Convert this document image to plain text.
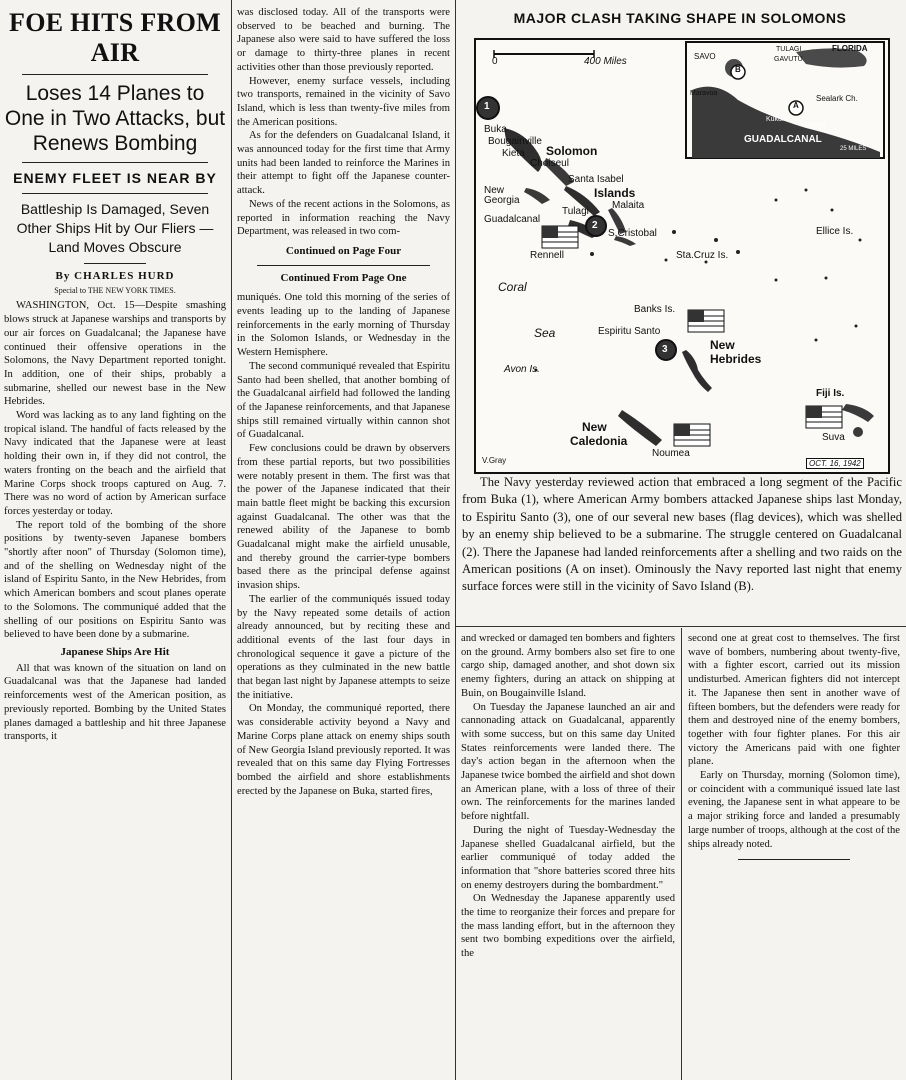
FOE HITS FROM AIR
Loses 14 Planes to One in Two Attacks, but Renews Bombing
ENEMY FLEET IS NEAR BY
Battleship Is Damaged, Seven Other Ships Hit by Our Fliers —Land Moves Obscure
By CHARLES HURD
Special to THE NEW YORK TIMES.

WASHINGTON, Oct. 15—Despite smashing blows struck at Japanese warships and transports by our air forces on Guadalcanal; the Japanese have continued their offensive operations in the Solomons, the Navy Department reported tonight. In addition, one of their ships, probably a submarine, shelled our newest base in the New Hebrides.

Word was lacking as to any land fighting on the tropical island. The handful of facts released by the Navy indicated that the Japanese were at least holding their own in, if they did not control, the waters fronting on the beach and the airfield that Marine Corps shock troops captured on Aug. 7. There was no word of action by American surface forces yesterday or today.

The report told of the bombing of the shore positions by twenty-seven Japanese bombers "shortly after noon" of Thursday (Solomon time), and of the shelling on Wednesday night of the island of Espiritu Santo, in the New Hebrides, from which American bombers and scout planes operate to the Solomons. The communiqué added that the shelling of our positions on Espiritu Santo was believed to have been done by a submarine.

Japanese Ships Are Hit

All that was known of the situation on land on Guadalcanal was that the Japanese had landed reinforcements west of the American position, as previously reported. Bombing by the United States planes damaged a battleship and hit three Japanese transports, it

was disclosed today. All of the transports were observed to be beached and burning. The Japanese also were said to have suffered the loss or damage to thirty-three planes in recent activities other than those previously reported.

However, enemy surface vessels, including two transports, remained in the vicinity of Savo Island, which is less than twenty-five miles from the American positions.

As for the defenders on Guadalcanal Island, it was announced today for the first time that Army units had been landed to reinforce the Marines in their attempt to fight off the Japanese counter-attack.

News of the recent actions in the Solomons, as reported in information reaching the Navy Department, was released in two com-

Continued on Page Four
Continued From Page One

muniqués. One told this morning of the series of events leading up to the landing of Japanese reinforcements in the early morning of Thursday in the Solomon Islands, or Wednesday in the Western Hemisphere.

The second communiqué revealed that Espiritu Santo had been shelled, that another bombing of the Guadalcanal airfield had followed the landing of the Japanese reinforcements, and that Japanese ships still remained virtually within cannon shot of Guadalcanal.

Few conclusions could be drawn by observers from these partial reports, but two possibilities were notably present in them. The first was that the power of the Japanese indicated that their main battle fleet might be backing this excursion against Guadalcanal. The other was that the renewed ability of the Japanese to bomb Guadalcanal might make the airfield unusable, and thereby ground the carrier-type bombers based there as the principal defense against invasion ships.

The earlier of the communiqués issued today by the Navy repeated some details of action already announced, but by reciting these and additional events of the last four days in chronological sequence it gave a picture of the operations as they culminated in the new battle that began last night by Japanese attempts to seize the initiative.

On Monday, the communiqué reported, there was considerable activity beyond a Navy and Marine Corps plane attack on enemy ships south of New Georgia Island previously reported. It was revealed that on this same day Flying Fortresses bombed the airfield and shore establishments erected by the Japanese on Buka, started fires,

MAJOR CLASH TAKING SHAPE IN SOLOMONS
0	400 Miles
1
2
3
Buka
Bougainville
Kieta Solomon
Choiseul
New Georgia
Santa Isabel
Islands
Malaita
Tulagi
Guadalcanal
S.Cristobal
Rennell	Sta.Cruz Is.
Ellice Is.
Coral
Sea
Banks Is.
Espiritu Santo
New
Hebrides
Avon Is.
Fiji Is.
Suva
New
Caledonia
Noumea
V.Gray	OCT. 16, 1942
SAVO
TULAGI
GAVUTU
FLORIDA
Sealark Ch.
Maravoa
Kukum
Tenaru
GUADALCANAL
25 MILES
B
A
The Navy yesterday reviewed action that embraced a long segment of the Pacific from Buka (1), where American Army bombers attacked Japanese ships last Monday, to Espiritu Santo (3), one of our several new bases (flag devices), which was shelled by an enemy ship believed to be a submarine. The struggle centered on Guadalcanal (2). There the Japanese had landed reinforcements after a shelling and two raids on the American positions (A on inset). Ominously the Navy reported last night that enemy surface forces were still in the vicinity of Savo Island (B).

and wrecked or damaged ten bombers and fighters on the ground. Army bombers also set fire to one cargo ship, damaged another, and shot down six enemy fighters, during an attack on shipping at Buin, on Bougainville Island.

On Tuesday the Japanese launched an air and cannonading attack on Guadalcanal, apparently with some success, but on this same day United States reinforcements were landed there. The day's action began in the afternoon when the Japanese twice bombed the airfield and shot down an American plane, with a loss of three of their own. The reinforcements for the marines landed before nightfall.

During the night of Tuesday-Wednesday the Japanese shelled Guadalcanal airfield, but the earlier communiqué of today added the information that "shore batteries scored three hits on enemy destroyers during the bombardment."

On Wednesday the Japanese apparently used the time to reorganize their forces and prepare for the mass landing effort, but in the afternoon they sent two bombing expeditions over the airfield, the

second one at great cost to themselves. The first wave of bombers, numbering about twenty-five, with a fighter escort, carried out its mission undisturbed. American fighters did not intercept it. The Japanese then sent in another wave of fifteen bombers, but the defenders were ready for them and destroyed nine of the enemy bombers, together with four fighter planes. For this air victory the Americans paid with one fighter plane.

Early on Thursday, morning (Solomon time), or coincident with a communiqué issued late last evening, the Japanese sent in what appeare to be a major striking force and landed a presumably large number of troops, although at the cost of the ships already noted.
